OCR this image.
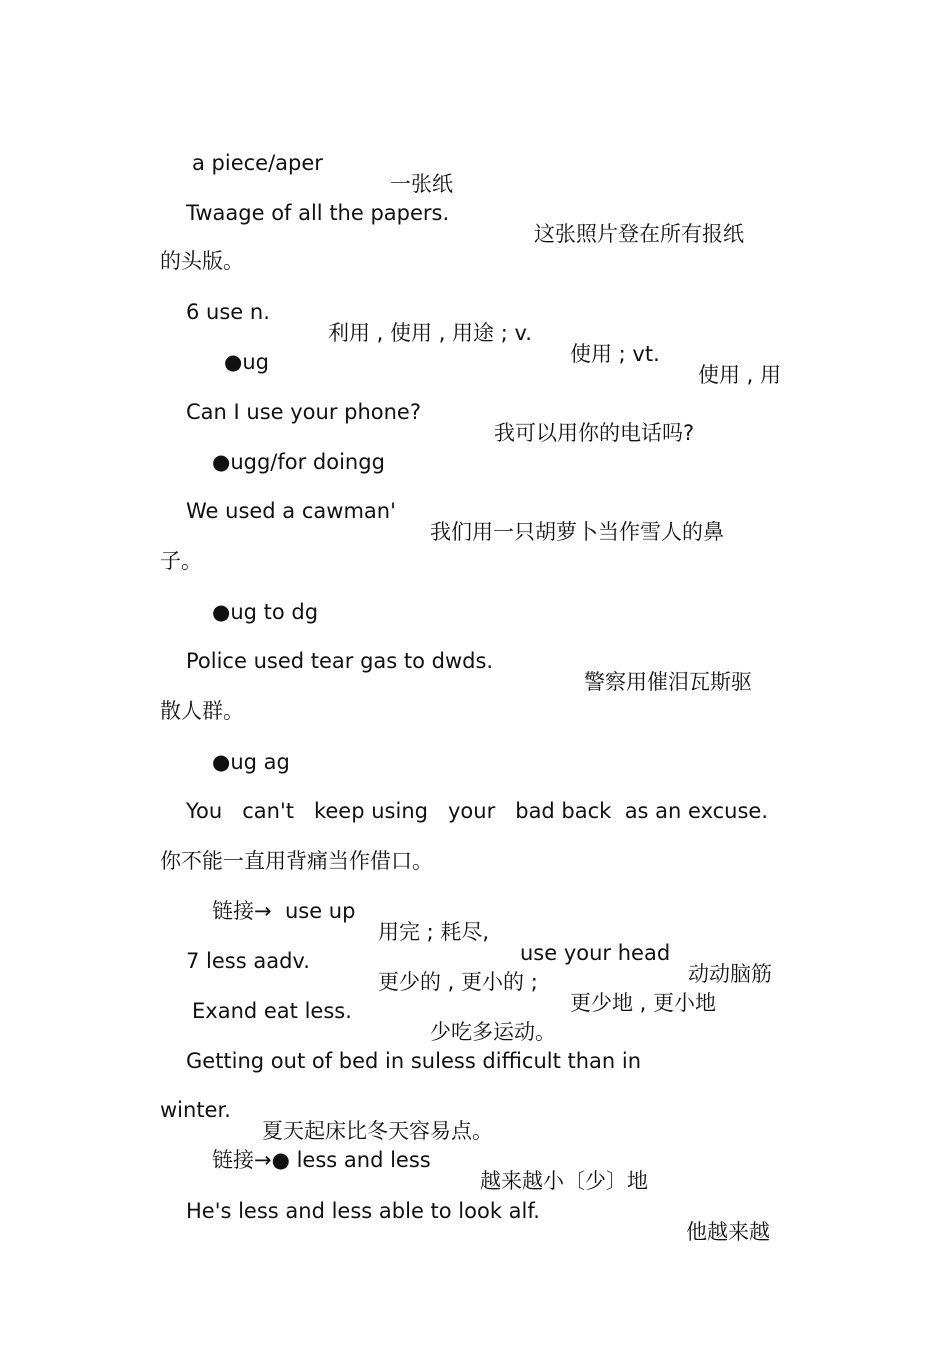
a piece/aper

一张纸

Twaage of all the papers.

这张照片登在所有报纸

的头版。

6 use n.

利用 , 使用 , 用途 ; v.

使用 ; vt.

使用 , 用

●ug

Can I use your phone?

我可以用你的电话吗?

●ugg/for doingg

We used a cawman'

我们用一只胡萝卜当作雪人的鼻

子。

●ug to dg

Police used tear gas to dwds.

警察用催泪瓦斯驱

散人群。

●ug ag

You   can't   keep using   your   bad back  as an excuse.

你不能一直用背痛当作借口。

链接→  use up

用完 ; 耗尽,

use your head

动动脑筋

7 less aadv.

更少的 , 更小的 ;

更少地 , 更小地

Exand eat less.

少吃多运动。

Getting out of bed in suless difficult than in

winter.

夏天起床比冬天容易点。

链接→● less and less

越来越小〔少〕地

He's less and less able to look alf.

他越来越
